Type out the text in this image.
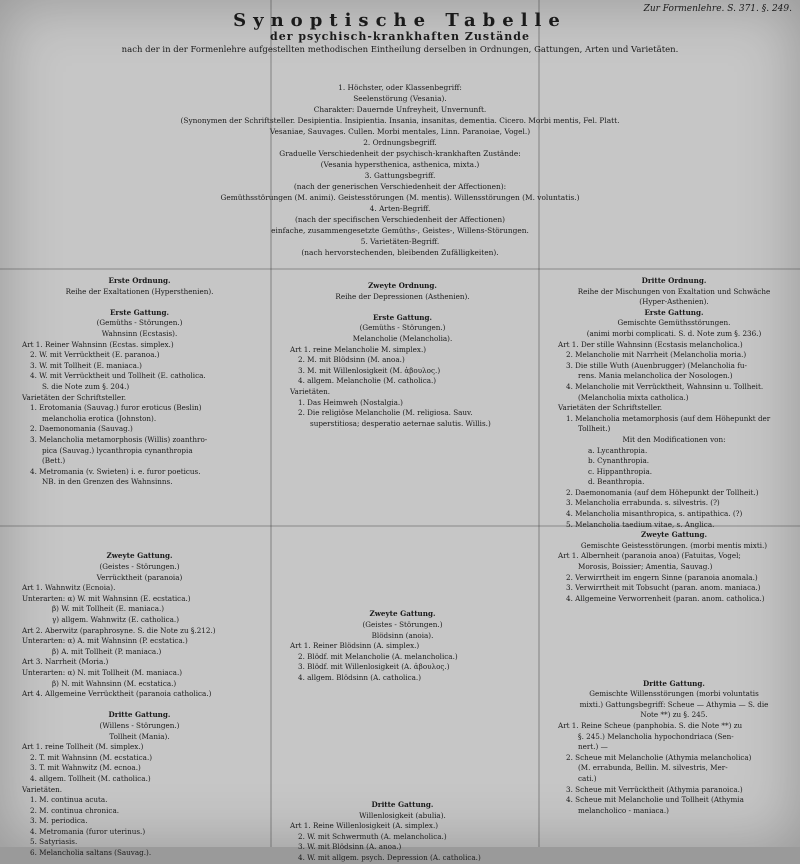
Zur Formenlehre. S. 371. §. 249.
Synoptische Tabelle
der psychisch-krankhaften Zustände
nach der in der Formenlehre aufgestellten methodischen Eintheilung derselben in Ordnungen, Gattungen, Arten und Varietäten.

1. Höchster, oder Klassenbegriff:

Seelenstörung (Vesania).

Charakter: Dauernde Unfreyheit, Unvernunft.

(Synonymen der Schriftsteller. Desipientia. Insipientia. Insania, insanitas, dementia. Cicero. Morbi mentis, Fel. Platt.

Vesaniae, Sauvages. Cullen. Morbi mentales, Linn. Paranoiae, Vogel.)

2. Ordnungsbegriff.

Graduelle Verschiedenheit der psychisch-krankhaften Zustände:

(Vesania hypersthenica, asthenica, mixta.)

3. Gattungsbegriff.

(nach der generischen Verschiedenheit der Affectionen):

Gemüthsstörungen (M. animi). Geistesstörungen (M. mentis). Willensstörungen (M. voluntatis.)

4. Arten-Begriff.

(nach der specifischen Verschiedenheit der Affectionen)

einfache, zusammengesetzte Gemüths-, Geistes-, Willens-Störungen.

5. Varietäten-Begriff.

(nach hervorstechenden, bleibenden Zufälligkeiten).

Erste Ordnung.

Reihe der Exaltationen (Hypersthenien).

Erste Gattung.

(Gemüths - Störungen.)

Wahnsinn (Ecstasis).

Art 1. Reiner Wahnsinn (Ecstas. simplex.)

2. W. mit Verrücktheit (E. paranoa.)

3. W. mit Tollheit (E. maniaca.)

4. W. mit Verrücktheit und Tollheit (E. catholica.

S. die Note zum §. 204.)

Varietäten der Schriftsteller.

1. Erotomania (Sauvag.) furor eroticus (Beslin)

melancholia erotica (Johnston).

2. Daemonomania (Sauvag.)

3. Melancholia metamorphosis (Willis) zoanthro-

pica (Sauvag.) lycanthropia cynanthropia

(Bett.)

4. Metromania (v. Swieten) i. e. furor poeticus.

NB. in den Grenzen des Wahnsinns.

Zweyte Gattung.

(Geistes - Störungen.)

Verrücktheit (paranoia)

Art 1. Wahnwitz (Ecnoia).

Unterarten: α) W. mit Wahnsinn (E. ecstatica.)

β) W. mit Tollheit (E. maniaca.)

γ) allgem. Wahnwitz (E. catholica.)

Art 2. Aberwitz (paraphrosyne. S. die Note zu §.212.)

Unterarten: α) A. mit Wahnsinn (P. ecstatica.)

β) A. mit Tollheit (P. maniaca.)

Art 3. Narrheit (Moria.)

Unterarten: α) N. mit Tollheit (M. maniaca.)

β) N. mit Wahnsinn (M. ecstatica.)

Art 4. Allgemeine Verrücktheit (paranoia catholica.)

Dritte Gattung.

(Willens - Störungen.)

Tollheit (Mania).

Art 1. reine Tollheit (M. simplex.)

2. T. mit Wahnsinn (M. ecstatica.)

3. T. mit Wahnwitz (M. ecnoa.)

4. allgem. Tollheit (M. catholica.)

Varietäten.

1. M. continua acuta.

2. M. continua chronica.

3. M. periodica.

4. Metromania (furor uterinus.)

5. Satyriasis.

6. Melancholia saltans (Sauvag.).

Zweyte Ordnung.

Reihe der Depressionen (Asthenien).

Erste Gattung.

(Gemüths - Störungen.)

Melancholie (Melancholia).

Art 1. reine Melancholie M. simplex.)

2. M. mit Blödsinn (M. anoa.)

3. M. mit Willenlosigkeit (M. ἀβουλος.)

4. allgem. Melancholie (M. catholica.)

Varietäten.

1. Das Heimweh (Nostalgia.)

2. Die religiöse Melancholie (M. religiosa. Sauv.

superstitiosa; desperatio aeternae salutis. Willis.)

Zweyte Gattung.

(Geistes - Störungen.)

Blödsinn (anoia).

Art 1. Reiner Blödsinn (A. simplex.)

2. Blödf. mit Melancholie (A. melancholica.)

3. Blödf. mit Willenlosigkeit (A. ἀβουλος.)

4. allgem. Blödsinn (A. catholica.)

Dritte Gattung.

Willenlosigkeit (abulia).

Art 1. Reine Willenlosigkeit (A. simplex.)

2. W. mit Schwermuth (A. melancholica.)

3. W. mit Blödsinn (A. anoa.)

4. W. mit allgem. psych. Depression (A. catholica.)

Dritte Ordnung.

Reihe der Mischungen von Exaltation und Schwäche

(Hyper-Asthenien).

Erste Gattung.

Gemischte Gemüthsstörungen.

(animi morbi complicati. S. d. Note zum §. 236.)

Art 1. Der stille Wahnsinn (Ecstasis melancholica.)

2. Melancholie mit Narrheit (Melancholia moria.)

3. Die stille Wuth (Auenbrugger) (Melancholia fu-

rens. Mania melancholica der Nosologen.)

4. Melancholie mit Verrücktheit, Wahnsinn u. Tollheit.

(Melancholia mixta catholica.)

Varietäten der Schriftsteller.

1. Melancholia metamorphosis (auf dem Höhepunkt der

Tollheit.)

Mit den Modificationen von:

a. Lycanthropia.

b. Cynanthropia.

c. Hippanthropia.

d. Beanthropia.

2. Daemonomania (auf dem Höhepunkt der Tollheit.)

3. Melancholia errabunda. s. silvestris. (?)

4. Melancholia misanthropica, s. antipathica. (?)

5. Melancholia taedium vitae, s. Anglica.

Zweyte Gattung.

Gemischte Geistesstörungen. (morbi mentis mixti.)

Art 1. Albernheit (paranoia anoa) (Fatuitas, Vogel;

Morosis, Boissier; Amentia, Sauvag.)

2. Verwirrtheit im engern Sinne (paranoia anomala.)

3. Verwirrtheit mit Tobsucht (paran. anom. maniaca.)

4. Allgemeine Verworrenheit (paran. anom. catholica.)

Dritte Gattung.

Gemischte Willensstörungen (morbi voluntatis

mixti.) Gattungsbegriff: Scheue — Athymia — S. die

Note **) zu §. 245.

Art 1. Reine Scheue (panphobia. S. die Note **) zu

§. 245.) Melancholia hypochondriaca (Sen-

nert.) —

2. Scheue mit Melancholie (Athymia melancholica)

(M. errabunda, Bellin. M. silvestris, Mer-

cati.)

3. Scheue mit Verrücktheit (Athymia paranoica.)

4. Scheue mit Melancholie und Tollheit (Athymia

melancholico - maniaca.)
